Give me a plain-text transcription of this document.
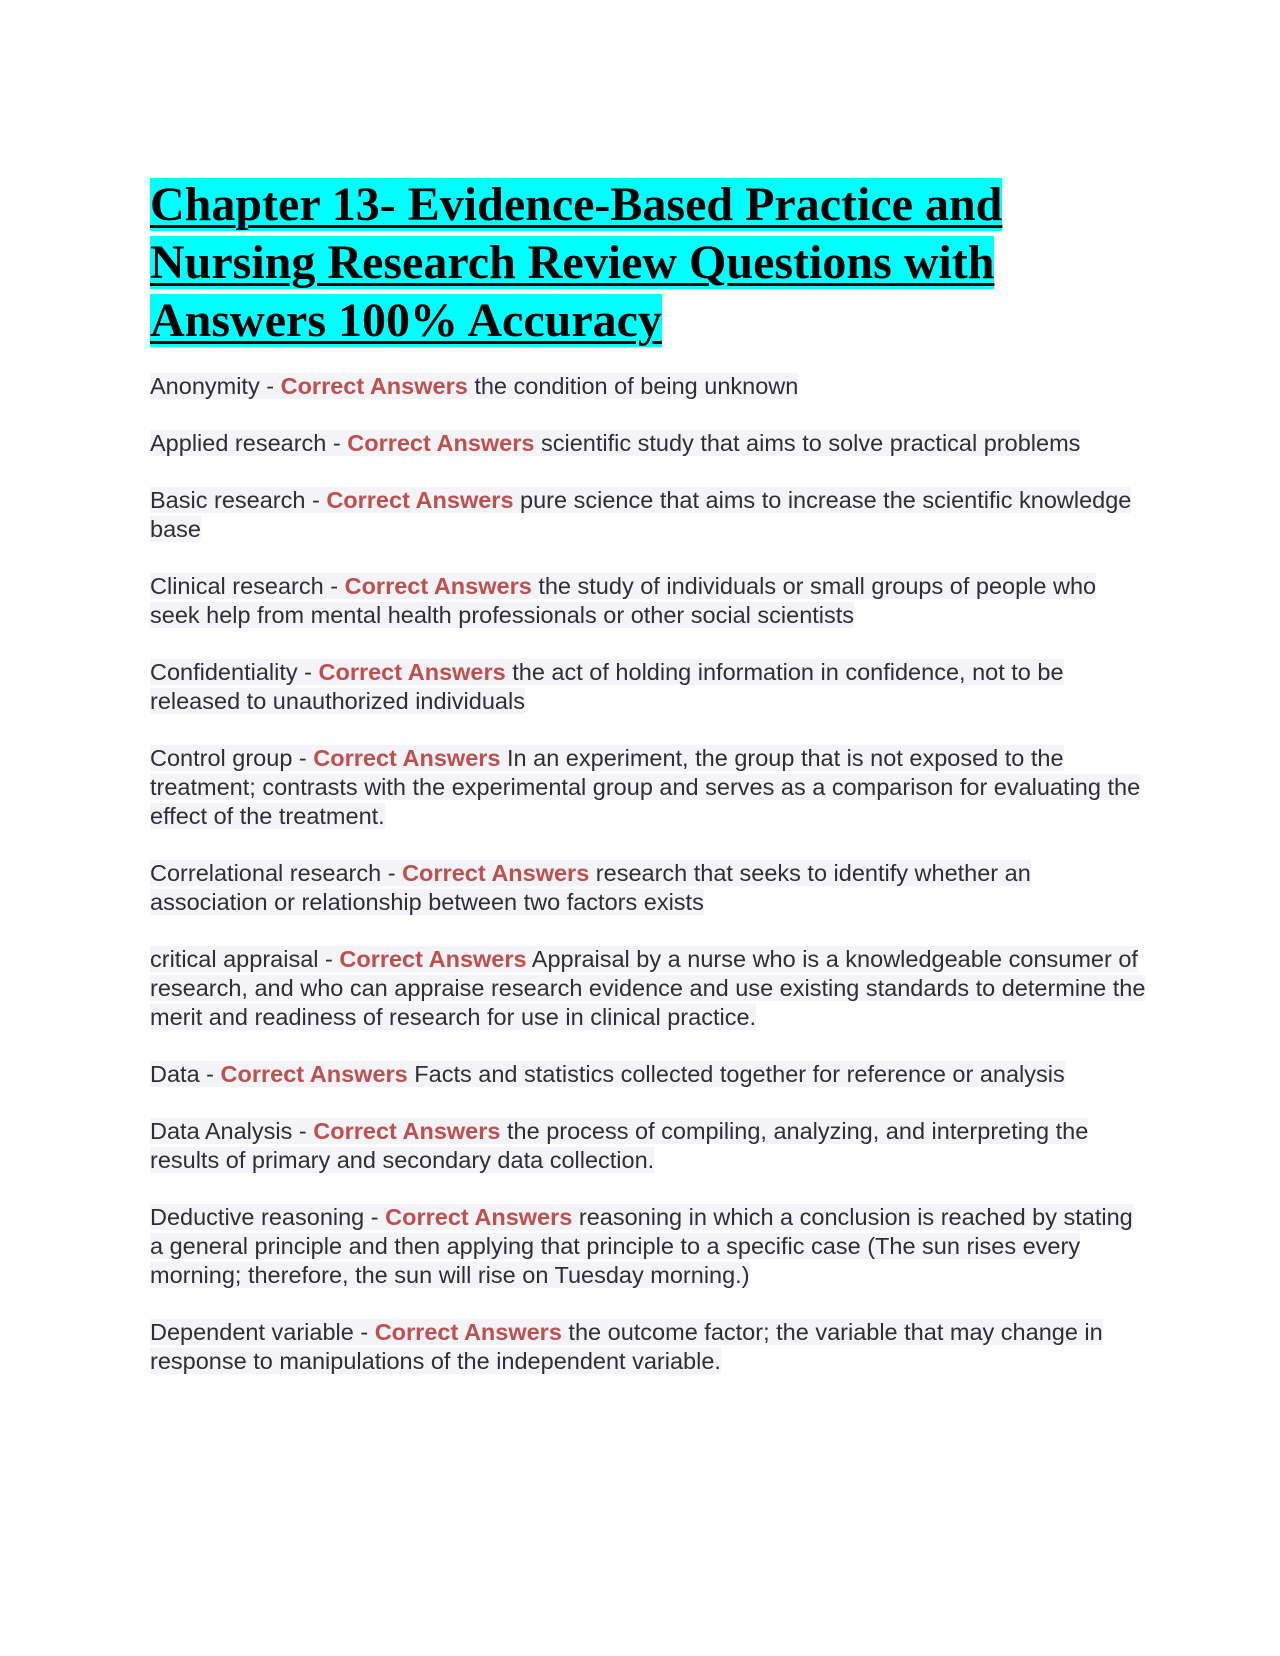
Chapter 13- Evidence-Based Practice and Nursing Research Review Questions with Answers 100% Accuracy

Anonymity - Correct Answers the condition of being unknown

Applied research - Correct Answers scientific study that aims to solve practical problems

Basic research - Correct Answers pure science that aims to increase the scientific knowledge base

Clinical research - Correct Answers the study of individuals or small groups of people who seek help from mental health professionals or other social scientists

Confidentiality - Correct Answers the act of holding information in confidence, not to be released to unauthorized individuals

Control group - Correct Answers In an experiment, the group that is not exposed to the treatment; contrasts with the experimental group and serves as a comparison for evaluating the effect of the treatment.

Correlational research - Correct Answers research that seeks to identify whether an association or relationship between two factors exists

critical appraisal - Correct Answers Appraisal by a nurse who is a knowledgeable consumer of research, and who can appraise research evidence and use existing standards to determine the merit and readiness of research for use in clinical practice.

Data - Correct Answers Facts and statistics collected together for reference or analysis

Data Analysis - Correct Answers the process of compiling, analyzing, and interpreting the results of primary and secondary data collection.

Deductive reasoning - Correct Answers reasoning in which a conclusion is reached by stating a general principle and then applying that principle to a specific case (The sun rises every morning; therefore, the sun will rise on Tuesday morning.)

Dependent variable - Correct Answers the outcome factor; the variable that may change in response to manipulations of the independent variable.
